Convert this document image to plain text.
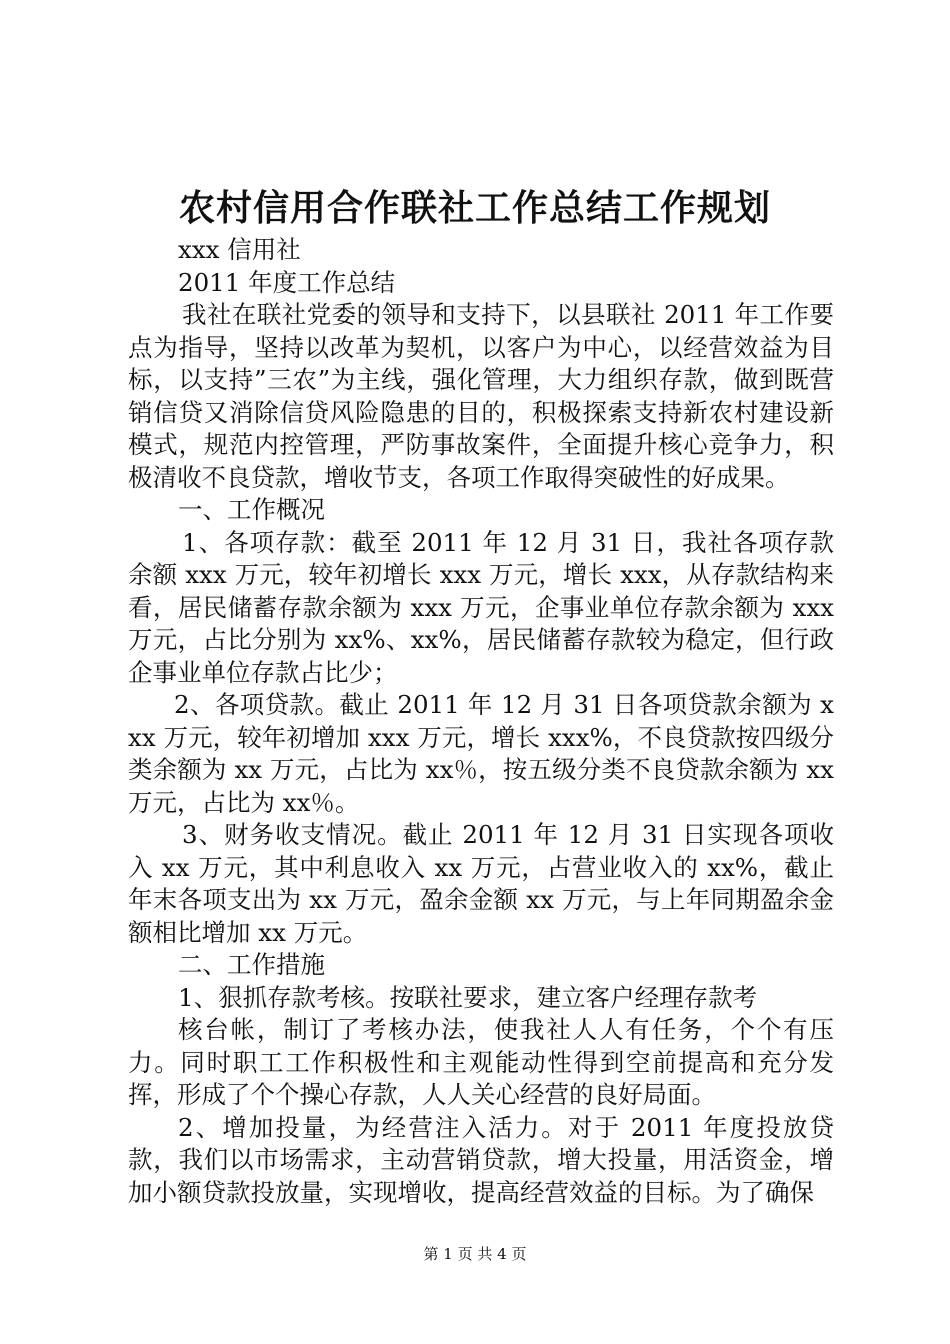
农村信用合作联社工作总结工作规划

xxx 信用社

2011 年度工作总结

我社在联社党委的领导和支持下，以县联社 2011 年工作要点为指导，坚持以改革为契机，以客户为中心，以经营效益为目标，以支持”三农”为主线，强化管理，大力组织存款，做到既营销信贷又消除信贷风险隐患的目的，积极探索支持新农村建设新模式，规范内控管理，严防事故案件，全面提升核心竞争力，积极清收不良贷款，增收节支，各项工作取得突破性的好成果。

一、工作概况

1、各项存款：截至 2011 年 12 月 31 日，我社各项存款余额 xxx 万元，较年初增长 xxx 万元，增长 xxx，从存款结构来看，居民储蓄存款余额为 xxx 万元，企事业单位存款余额为 xxx 万元，占比分别为 xx%、xx%，居民储蓄存款较为稳定，但行政企事业单位存款占比少；

2、各项贷款。截止 2011 年 12 月 31 日各项贷款余额为 xxx 万元，较年初增加 xxx 万元，增长 xxx%，不良贷款按四级分类余额为 xx 万元，占比为 xx％，按五级分类不良贷款余额为 xx 万元，占比为 xx％。

3、财务收支情况。截止 2011 年 12 月 31 日实现各项收入 xx 万元，其中利息收入 xx 万元，占营业收入的 xx%，截止年末各项支出为 xx 万元，盈余金额 xx 万元，与上年同期盈余金额相比增加 xx 万元。

二、工作措施

1、狠抓存款考核。按联社要求，建立客户经理存款考

核台帐，制订了考核办法，使我社人人有任务，个个有压力。同时职工工作积极性和主观能动性得到空前提高和充分发挥，形成了个个操心存款，人人关心经营的良好局面。

2、增加投量，为经营注入活力。对于 2011 年度投放贷款，我们以市场需求，主动营销贷款，增大投量，用活资金，增加小额贷款投放量，实现增收，提高经营效益的目标。为了确保

第 1 页 共 4 页
